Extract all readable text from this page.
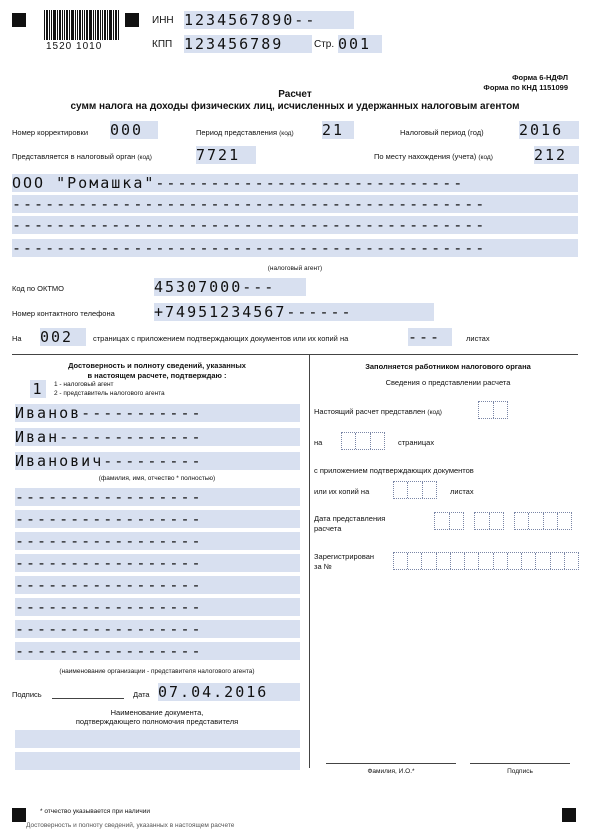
1520 1010
ИНН 1234567890--
КПП 123456789	Стр. 001
Форма 6-НДФЛ
Форма по КНД 1151099
Расчет
сумм налога на доходы физических лиц, исчисленных и удержанных налоговым агентом
Номер корректировки 000	Период представления (код) 21	Налоговый период (год) 2016
Представляется в налоговый орган (код)	7721	По месту нахождения (учета) (код)	212
ООО "Ромашка"----------------------------
-------------------------------------------
-------------------------------------------
-------------------------------------------
(налоговый агент)
Код по ОКТМО	45307000---
Номер контактного телефона	+74951234567------
На 002	страницах с приложением подтверждающих документов или их копий на	---	листах
Достоверность и полноту сведений, указанных
в настоящем расчете, подтверждаю :
1	1 - налоговый агент
2 - представитель налогового агента
Иванов-----------
Иван-------------
Иванович---------
(фамилия, имя, отчество * полностью)
-----------------
-----------------
-----------------
-----------------
-----------------
-----------------
-----------------
-----------------
(наименование организации - представителя налогового агента)
Подпись	Дата 07.04.2016
Наименование документа,
подтверждающего полномочия представителя
Заполняется работником налогового органа
Сведения о представлении расчета
Настоящий расчет представлен (код)
на	страницах
с приложением подтверждающих документов
или их копий на	листах
Дата представления
расчета
Зарегистрирован
за №
Фамилия, И.О.*	Подпись
* отчество указывается при наличии
Достоверность и полноту сведений, указанных в настоящем расчете
